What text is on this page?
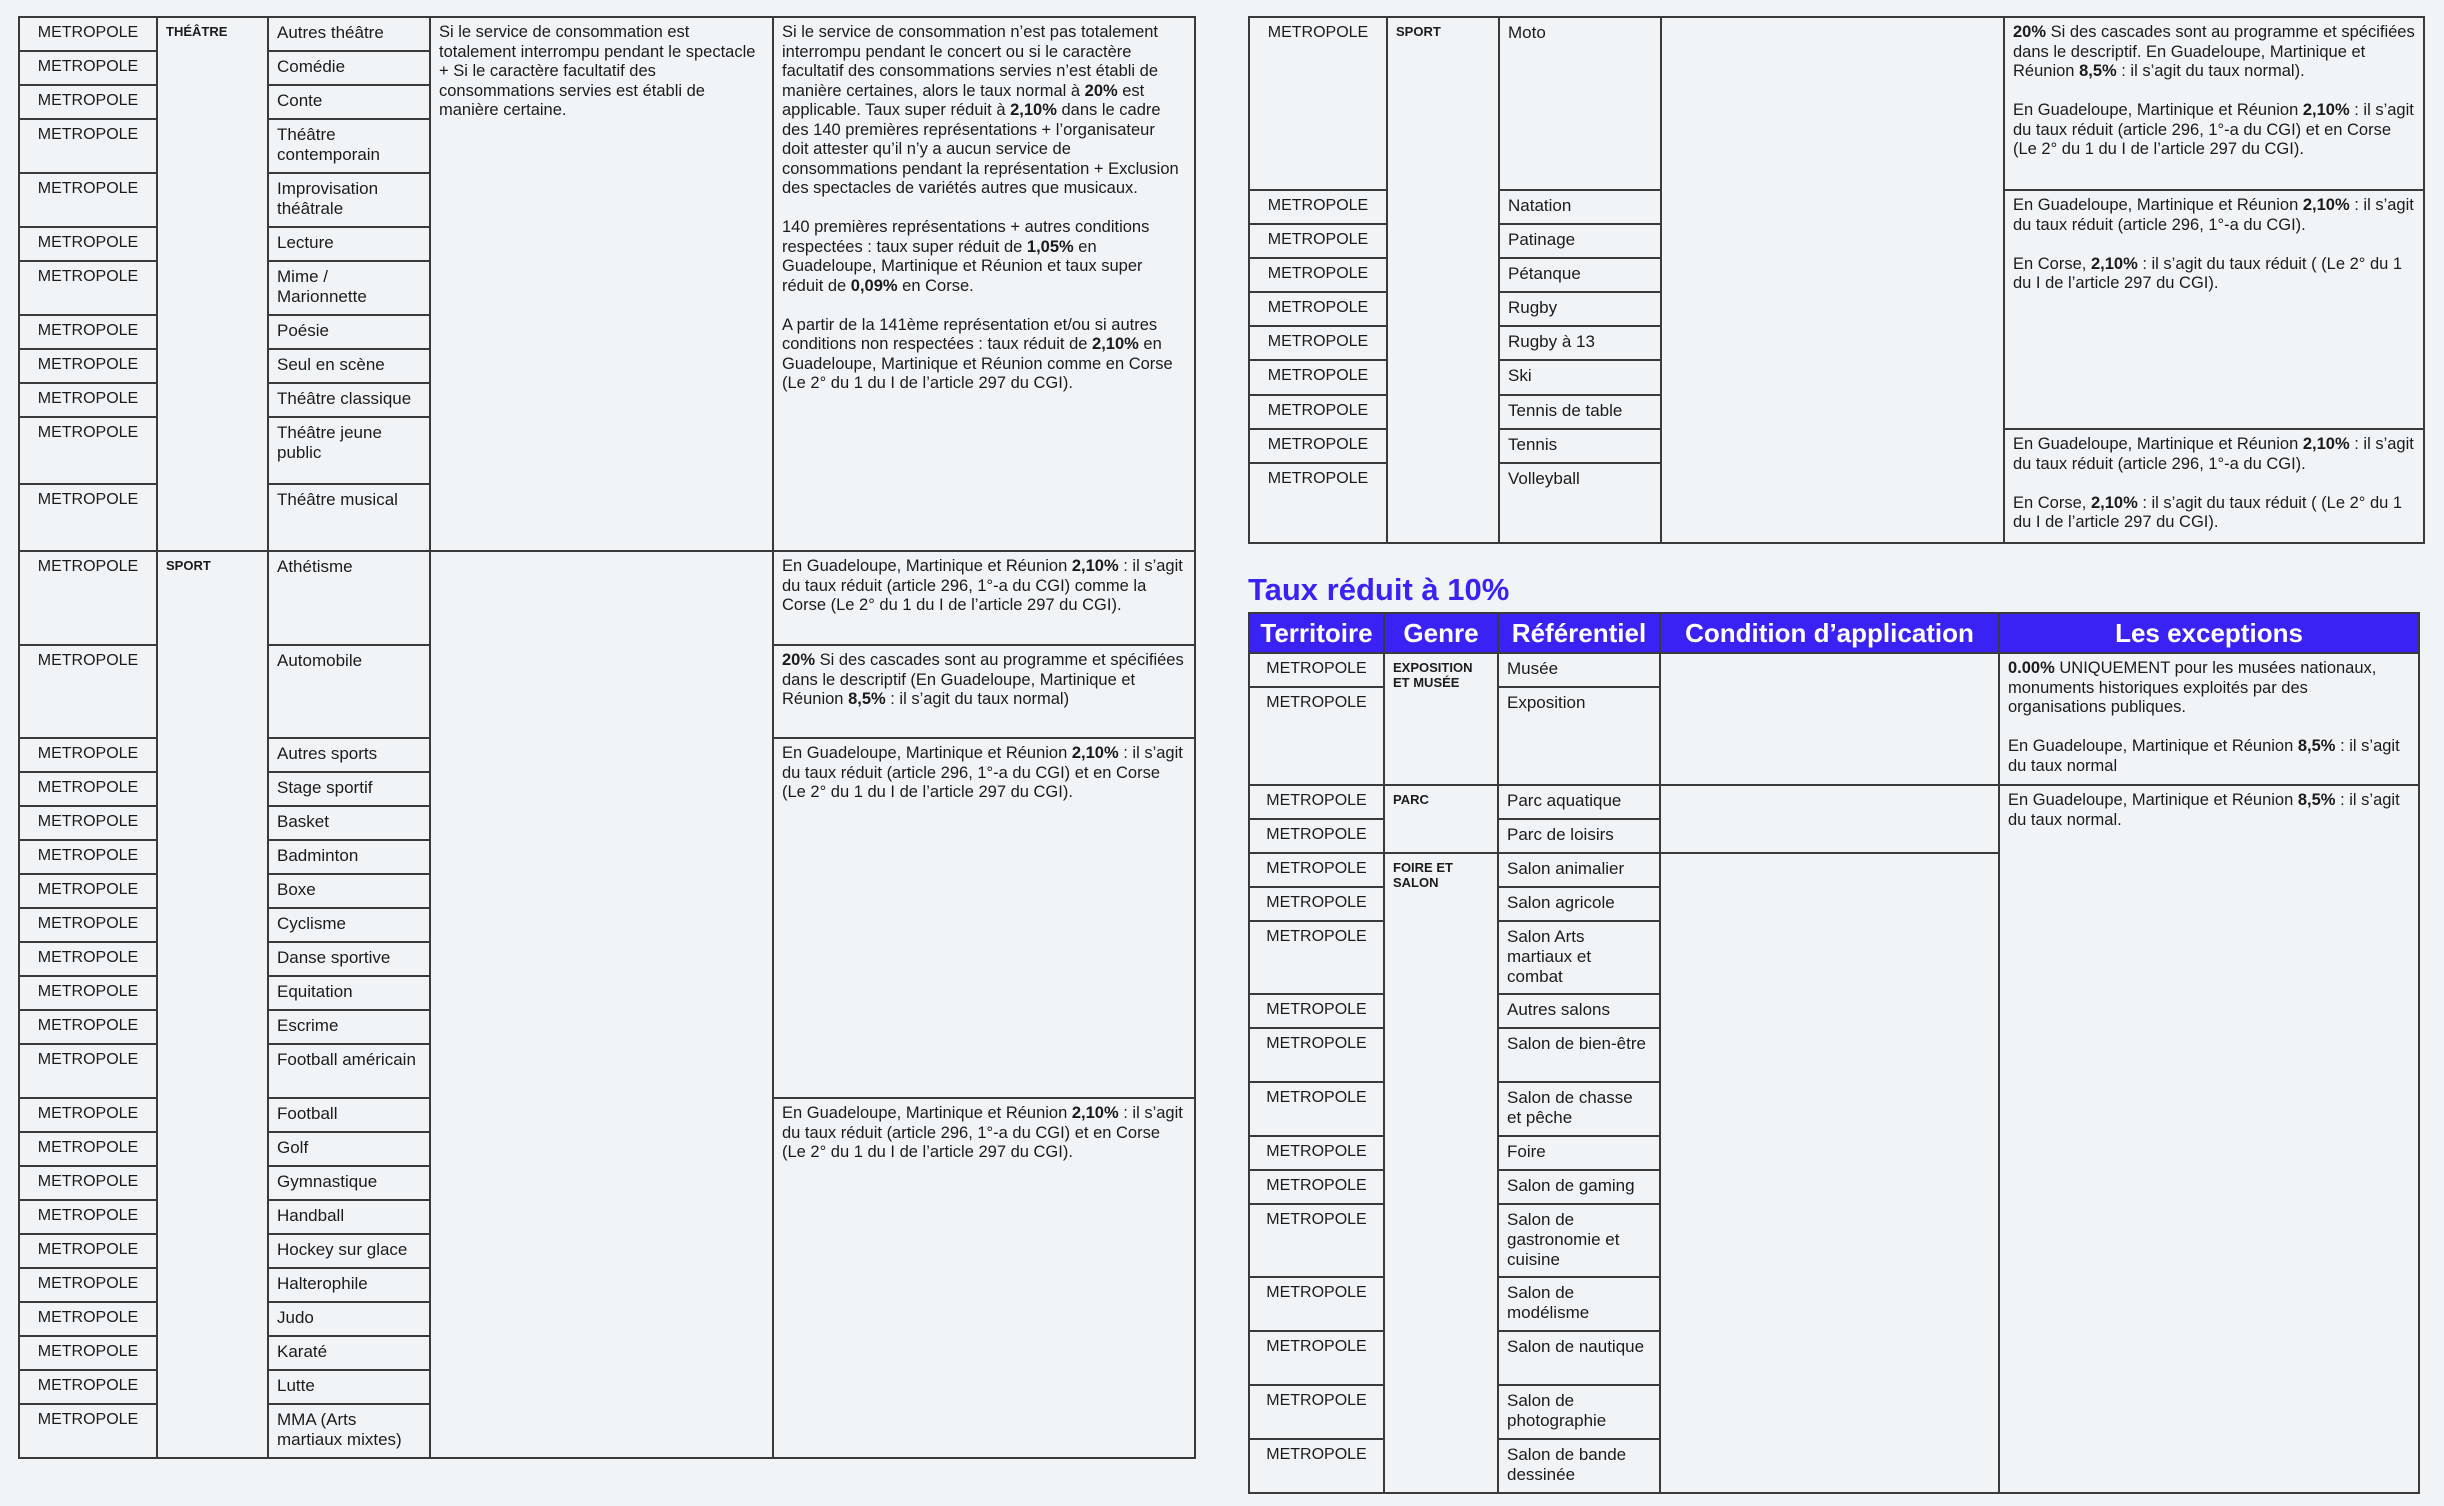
METROPOLE	THÉÂTRE	Autres théâtre	Si le service de consommation est totalement interrompu pendant le spectacle + Si le caractère facultatif des consommations servies est établi de manière certaine.	Si le service de consommation n’est pas totalement interrompu pendant le concert ou si le caractère facultatif des consommations servies n’est établi de manière certaines, alors le taux normal à 20% est applicable. Taux super réduit à 2,10% dans le cadre des 140 premières représentations + l’organisateur doit attester qu’il n’y a aucun service de consommations pendant la représentation + Exclusion des spectacles de variétés autres que musicaux.

140 premières représentations + autres conditions respectées : taux super réduit de 1,05% en Guadeloupe, Martinique et Réunion et taux super réduit de 0,09% en Corse.

A partir de la 141ème représentation et/ou si autres conditions non respectées : taux réduit de 2,10% en Guadeloupe, Martinique et Réunion comme en Corse (Le 2° du 1 du I de l’article 297 du CGI).
METROPOLE		Comédie		
METROPOLE		Conte		
METROPOLE		Théâtre contemporain		
METROPOLE		Improvisation théâtrale		
METROPOLE		Lecture		
METROPOLE		Mime / Marionnette		
METROPOLE		Poésie		
METROPOLE		Seul en scène		
METROPOLE		Théâtre classique		
METROPOLE		Théâtre jeune public		
METROPOLE		Théâtre musical		
METROPOLE	SPORT	Athétisme		En Guadeloupe, Martinique et Réunion 2,10% : il s’agit du taux réduit (article 296, 1°-a du CGI) comme la Corse (Le 2° du 1 du I de l’article 297 du CGI).
METROPOLE		Automobile		20% Si des cascades sont au programme et spécifiées dans le descriptif (En Guadeloupe, Martinique et Réunion 8,5% : il s’agit du taux normal)
METROPOLE		Autres sports		En Guadeloupe, Martinique et Réunion 2,10% : il s’agit du taux réduit (article 296, 1°-a du CGI) et en Corse (Le 2° du 1 du I de l’article 297 du CGI).
METROPOLE		Stage sportif		
METROPOLE		Basket		
METROPOLE		Badminton		
METROPOLE		Boxe		
METROPOLE		Cyclisme		
METROPOLE		Danse sportive		
METROPOLE		Equitation		
METROPOLE		Escrime		
METROPOLE		Football américain		
METROPOLE		Football		En Guadeloupe, Martinique et Réunion 2,10% : il s’agit du taux réduit (article 296, 1°-a du CGI) et en Corse (Le 2° du 1 du I de l’article 297 du CGI).
METROPOLE		Golf		
METROPOLE		Gymnastique		
METROPOLE		Handball		
METROPOLE		Hockey sur glace		
METROPOLE		Halterophile		
METROPOLE		Judo		
METROPOLE		Karaté		
METROPOLE		Lutte		
METROPOLE		MMA (Arts martiaux mixtes)		
METROPOLE	SPORT	Moto		20% Si des cascades sont au programme et spécifiées dans le descriptif. En Guadeloupe, Martinique et Réunion 8,5% : il s’agit du taux normal).

En Guadeloupe, Martinique et Réunion 2,10% : il s’agit du taux réduit (article 296, 1°-a du CGI) et en Corse (Le 2° du 1 du I de l’article 297 du CGI).
METROPOLE		Natation		En Guadeloupe, Martinique et Réunion 2,10% : il s’agit du taux réduit (article 296, 1°-a du CGI).

En Corse, 2,10% : il s’agit du taux réduit ( (Le 2° du 1 du I de l’article 297 du CGI).
METROPOLE		Patinage		
METROPOLE		Pétanque		
METROPOLE		Rugby		
METROPOLE		Rugby à 13		
METROPOLE		Ski		
METROPOLE		Tennis de table		
METROPOLE		Tennis		En Guadeloupe, Martinique et Réunion 2,10% : il s’agit du taux réduit (article 296, 1°-a du CGI).

En Corse, 2,10% : il s’agit du taux réduit ( (Le 2° du 1 du I de l’article 297 du CGI).
METROPOLE		Volleyball		
Taux réduit à 10%
Territoire	Genre	Référentiel	Condition d’application	Les exceptions
METROPOLE	EXPOSITION ET MUSÉE	Musée		0.00% UNIQUEMENT pour les musées nationaux, monuments historiques exploités par des organisations publiques.

En Guadeloupe, Martinique et Réunion 8,5% : il s’agit du taux normal
METROPOLE		Exposition		
METROPOLE	PARC	Parc aquatique		En Guadeloupe, Martinique et Réunion 8,5% : il s’agit du taux normal.
METROPOLE		Parc de loisirs		
METROPOLE	FOIRE ET SALON	Salon animalier		
METROPOLE		Salon agricole		
METROPOLE		Salon Arts martiaux et combat		
METROPOLE		Autres salons		
METROPOLE		Salon de bien-être		
METROPOLE		Salon de chasse et pêche		
METROPOLE		Foire		
METROPOLE		Salon de gaming		
METROPOLE		Salon de gastronomie et cuisine		
METROPOLE		Salon de modélisme		
METROPOLE		Salon de nautique		
METROPOLE		Salon de photographie		
METROPOLE		Salon de bande dessinée		
